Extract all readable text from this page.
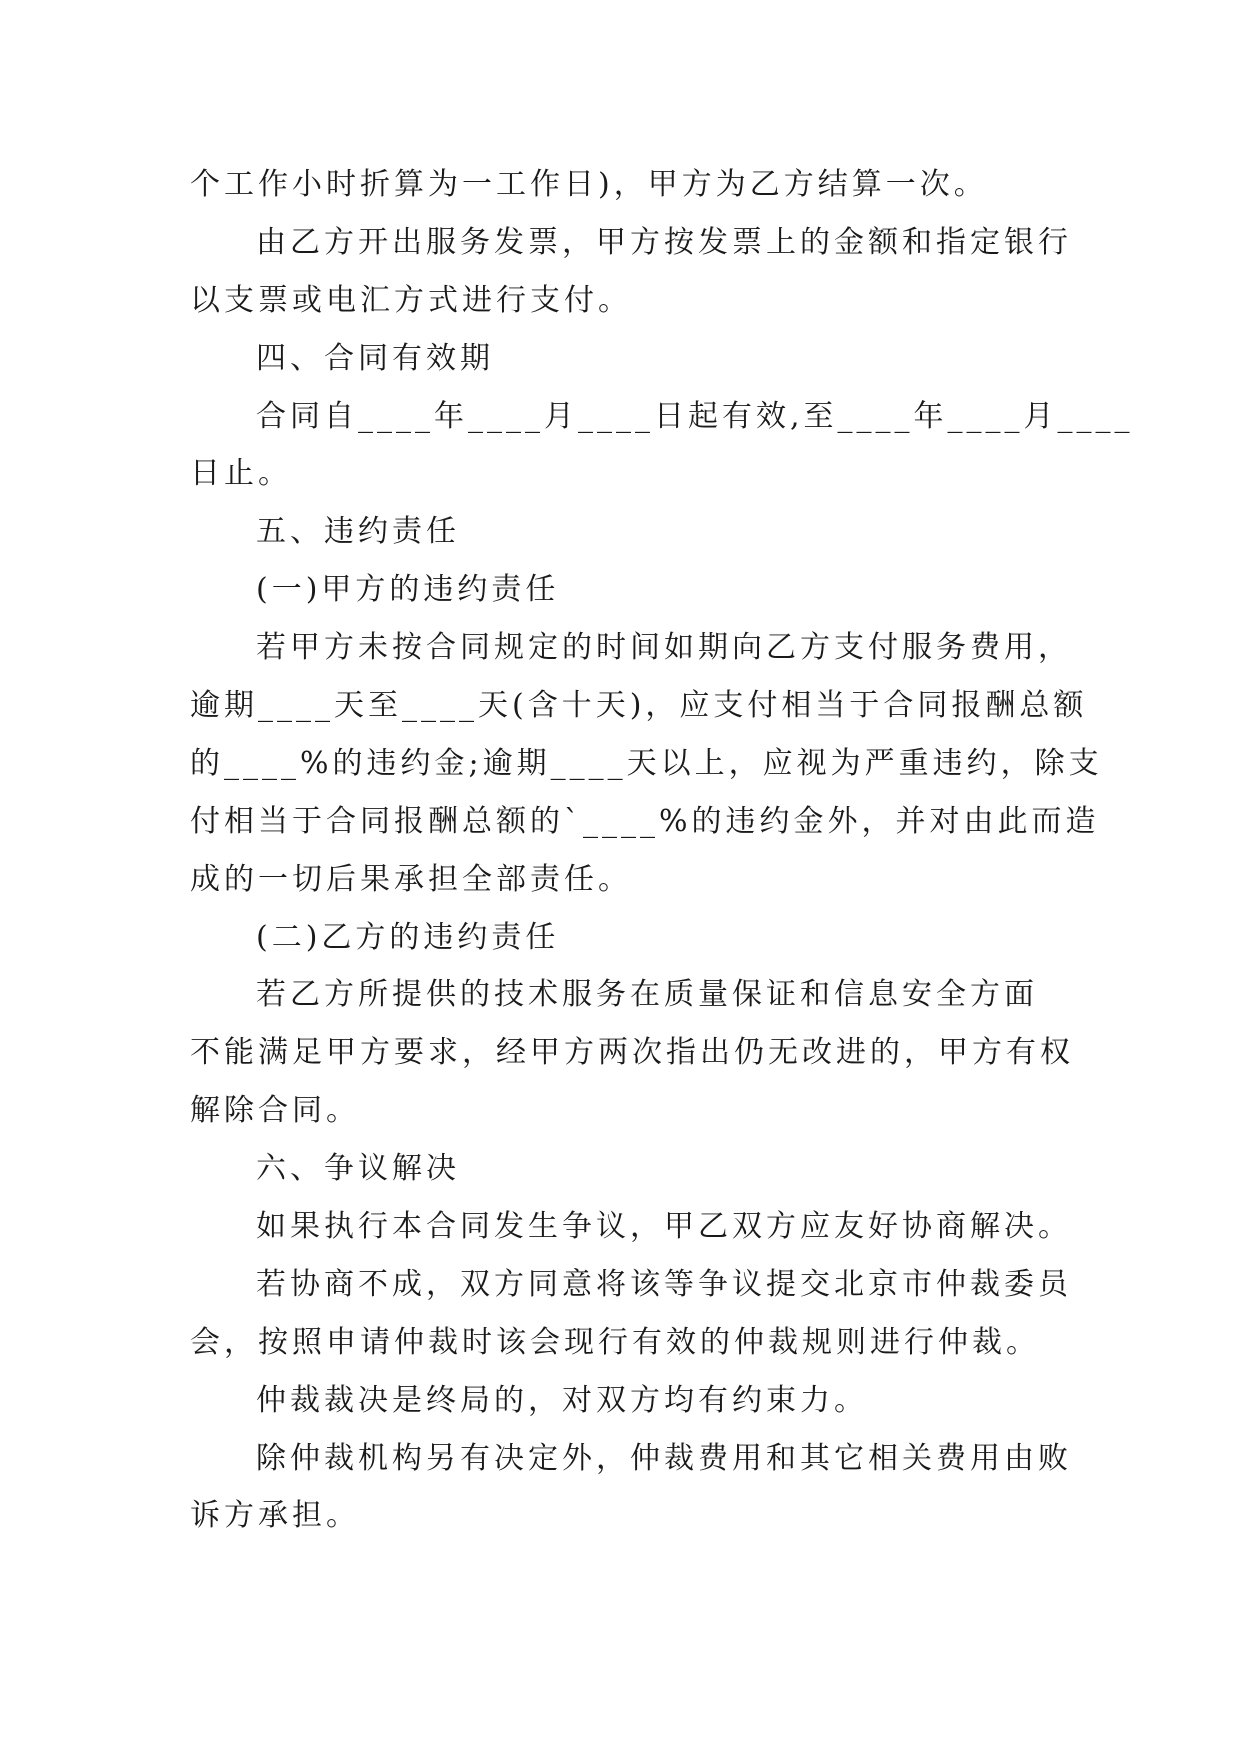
个工作小时折算为一工作日)，甲方为乙方结算一次。
由乙方开出服务发票，甲方按发票上的金额和指定银行
以支票或电汇方式进行支付。
四、合同有效期
合同自____年____月____日起有效,至____年____月____
日止。
五、违约责任
(一)甲方的违约责任
若甲方未按合同规定的时间如期向乙方支付服务费用，
逾期____天至____天(含十天)，应支付相当于合同报酬总额
的____%的违约金;逾期____天以上，应视为严重违约，除支
付相当于合同报酬总额的`____%的违约金外，并对由此而造
成的一切后果承担全部责任。
(二)乙方的违约责任
若乙方所提供的技术服务在质量保证和信息安全方面
不能满足甲方要求，经甲方两次指出仍无改进的，甲方有权
解除合同。
六、争议解决
如果执行本合同发生争议，甲乙双方应友好协商解决。
若协商不成，双方同意将该等争议提交北京市仲裁委员
会，按照申请仲裁时该会现行有效的仲裁规则进行仲裁。
仲裁裁决是终局的，对双方均有约束力。
除仲裁机构另有决定外，仲裁费用和其它相关费用由败
诉方承担。
